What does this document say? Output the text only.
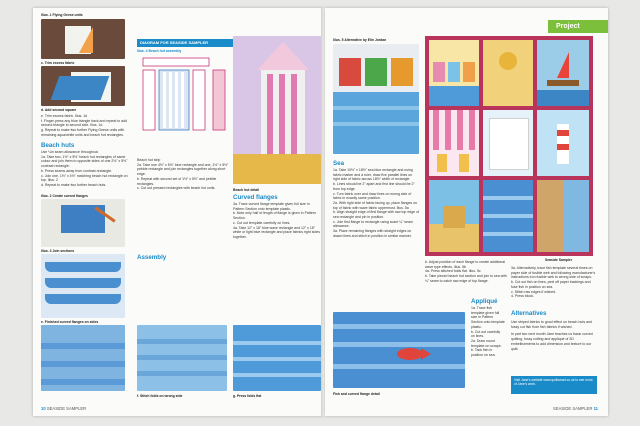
Illus. 1 Flying Geese units
c. Trim excess fabric
d. Add second square
e. Trim excess fabric. Illus. 1d
f. Finger-press any blue triangle back and repeat to add second triangle to second side. Illus. 1d
g. Repeat to make two further Flying Geese units with remaining aqua/white units and beach hut rectangles.
Beach huts
Use ¼in seam allowance throughout.
1a. Take two, 1½" x 5½" beach hut rectangles of same colour and join them to opposite sides of one 2½" x 5½" contrast rectangle.
b. Press seams away from contrast rectangle.
c. Join one, 1½" x 4½" matching beach hut rectangle on top. Illus. 2
d. Repeat to make two further beach huts.
Illus. 2 Create curved flanges
Illus. 3 Join sections
e. Finished curved flanges on sides
DIAGRAM FOR SEASIDE SAMPLER
Illus. 4 Beach hut assembly
Beach hut strip
2a. Take one 4½" x 5½" blue rectangle and one, 1½" x 5½" pebble rectangle and join rectangles together along short edge.
b. Repeat with second set of 1½" x 5½" and pebble rectangles.
c. Cut out pressed rectangles with beach hut units.
Assembly
f. Stitch folds on wrong side
Beach hut detail
Curved flanges
3a. Trace curved flange template given full size in Pattern Section onto template plastic.
b. Note only half of length of flange is given in Pattern Section.
c. Cut out template carefully on lines.
4a. Take 12" x 18" blue wave rectangle and 12" x 18" white or light blue rectangle and place fabrics right sides together.
g. Press folds flat
10 SEASIDE SAMPLER
Project
Illus. 5 Alternative by Elin Jordan
Sea
1a. Take 10½" x 18½" sea blue rectangle and using fabric marker and a ruler, draw five parallel lines on right side of fabric across 18½" width of rectangle.
b. Lines should be 2" apart and first line should be 2" from top edge.
c. Turn fabric over and draw lines on wrong side of fabric in exactly same position.
2a. With right side of fabric facing up, place flanges on top of fabric with wave fabric uppermost. Illus. 5a
b. Align straight edge of first flange with raw top edge of sea rectangle and pin in position.
c. Join first flange to rectangle using scant ¼" seam allowance.
3a. Place remaining flanges with straight edges on drawn lines and stitch in position in similar manner.
Fish and curved flange detail
b. Adjust position of each flange to create additional wave type effects. Illus. 5b
4a. Press stitched folds flat. Illus. 5c
b. Take pieced beach hut section and join to sea with ¼" seam to catch raw edge of top flange.
Appliqué
1a. Trace fish template given full size in Pattern Section onto template plastic.
b. Cut out carefully on lines.
2a. Draw round template on scraps.
b. Tack fish in position on sea.
Seaside Sampler
3a. Alternatively, trace fish template several times on paper side of fusible web and following manufacturer's instructions iron fusible web to wrong side of scraps.
b. Cut out fish on lines, peel off paper backings and fuse fish in position on sea.
c. Stitch raw edges if wished.
4. Press block.
Alternatives
Use striped fabrics to good effect on beach huts and fussy cut fish from fish fabrics if wished.
In part two next month Jane teaches us basic curved quilting, fussy cutting and appliqué of 3D embellishments to add dimension and texture to our quilt.
Visit Jane's website www.quiltsmart.co.uk to see more of Jane's work.
SEASIDE SAMPLER 11
